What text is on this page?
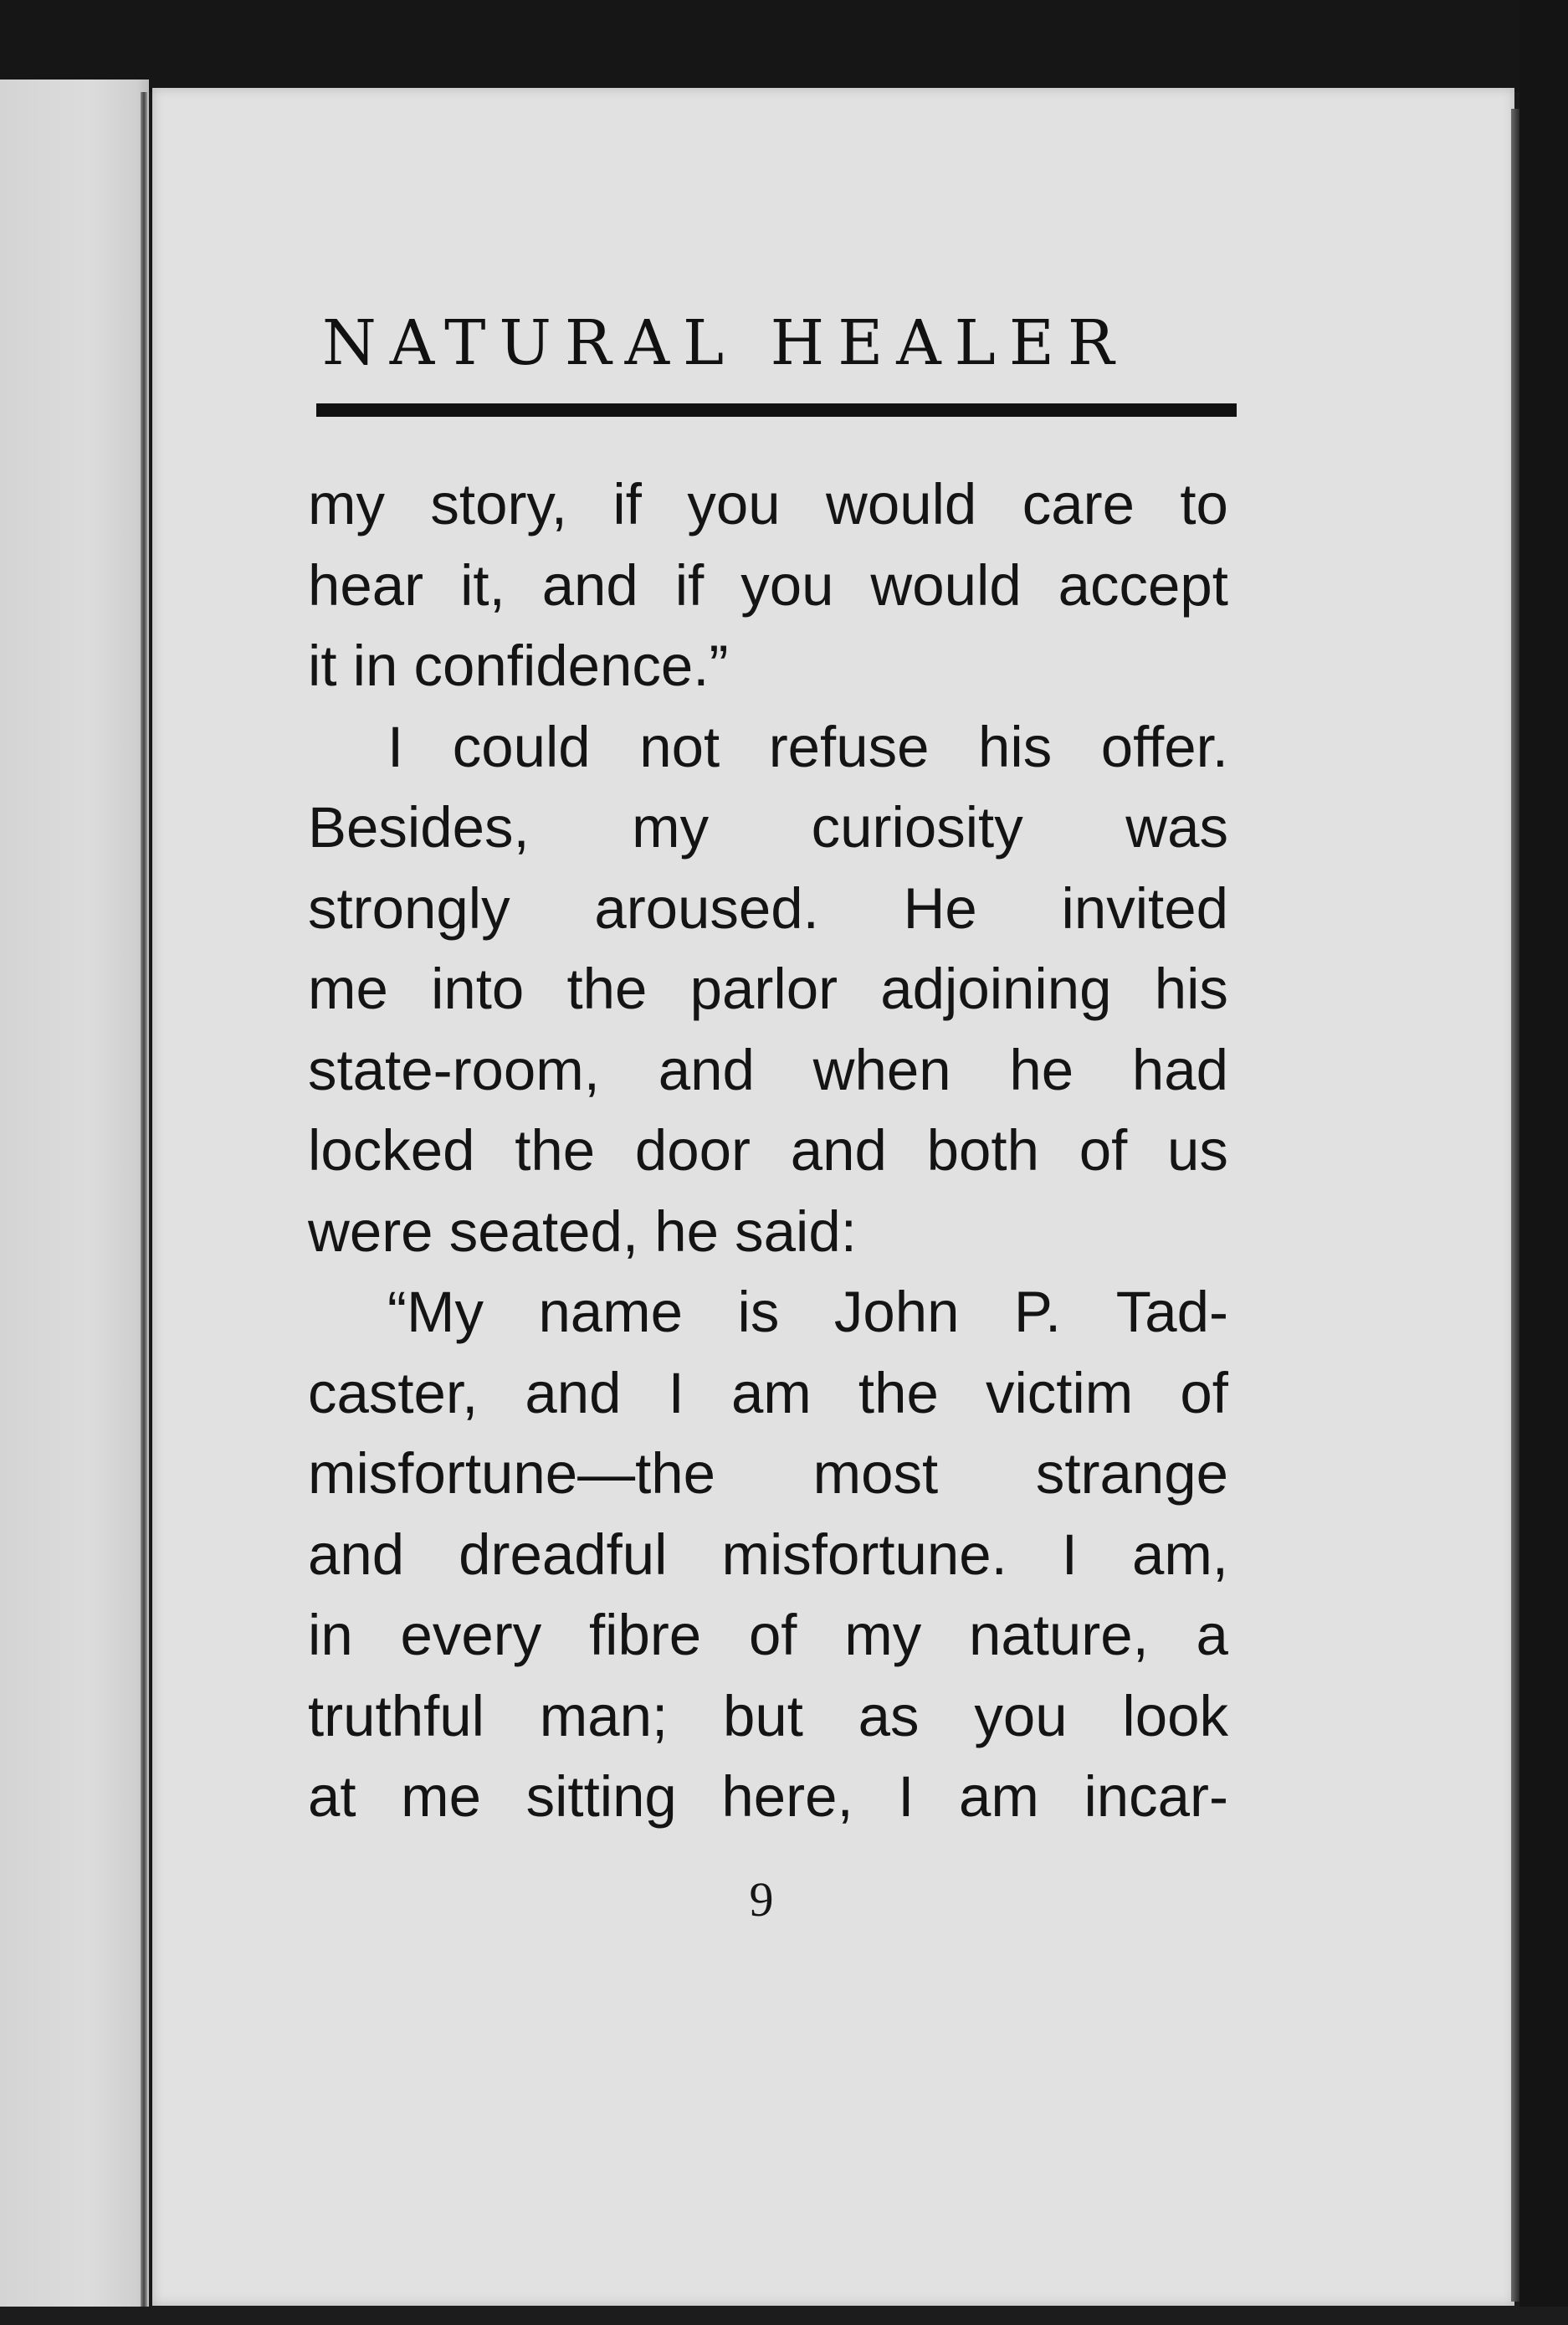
NATURAL HEALER
my story, if you would care to
hear it, and if you would accept
it in confidence.”
I could not refuse his offer.
Besides, my curiosity was
strongly aroused. He invited
me into the parlor adjoining his
state-room, and when he had
locked the door and both of us
were seated, he said:
“My name is John P. Tad-
caster, and I am the victim of
misfortune—the most strange
and dreadful misfortune. I am,
in every fibre of my nature, a
truthful man; but as you look
at me sitting here, I am incar-
9
